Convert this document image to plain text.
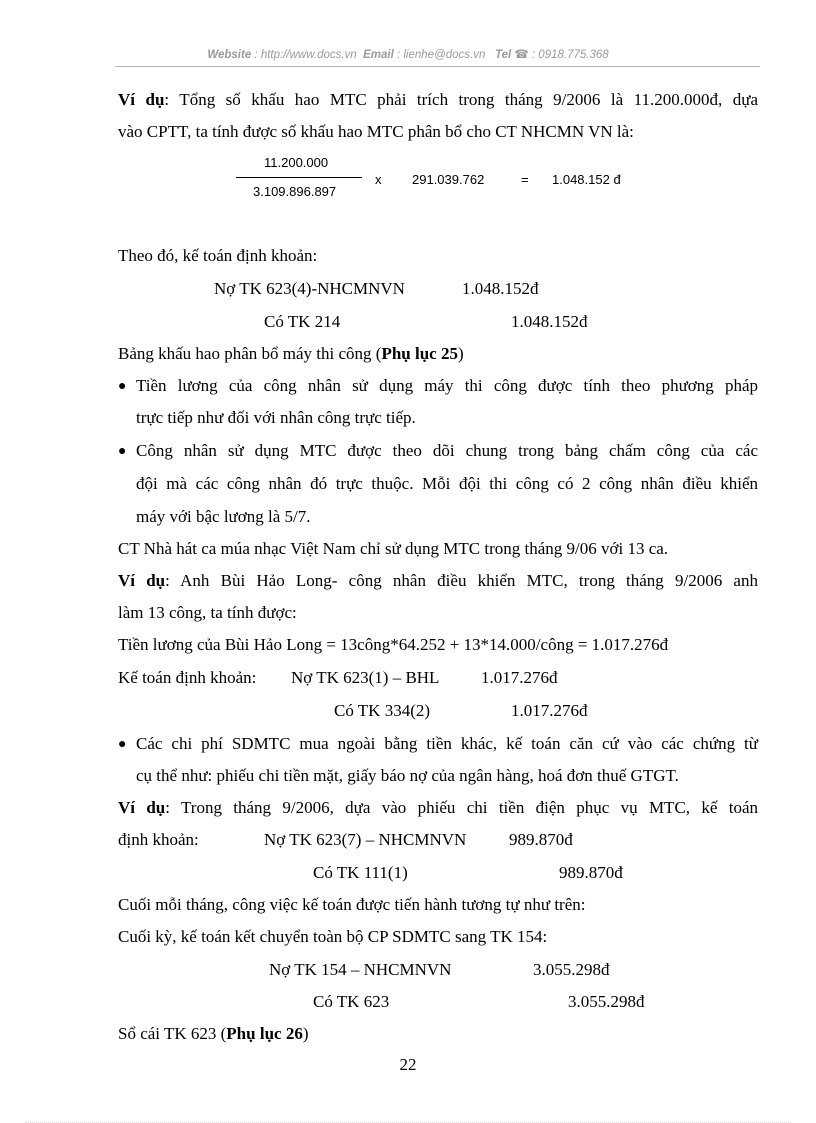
Website : http://www.docs.vn Email : lienhe@docs.vn Tel ☎ : 0918.775.368
Ví dụ: Tổng số khấu hao MTC phải trích trong tháng 9/2006 là 11.200.000đ, dựa
vào CPTT, ta tính được số khấu hao MTC phân bổ cho CT NHCMN VN là:
11.200.000
3.109.896.897
x 291.039.762	= 1.048.152 đ
Theo đó, kế toán định khoản:
Nợ TK 623(4)-NHCMNVN	1.048.152đ
Có TK 214	1.048.152đ
Bảng khấu hao phân bổ máy thi công (Phụ lục 25)
● Tiền lương của công nhân sử dụng máy thi công được tính theo phương pháp
trực tiếp như đối với nhân công trực tiếp.
● Công nhân sử dụng MTC được theo dõi chung trong bảng chấm công của các
đội mà các công nhân đó trực thuộc. Mỗi đội thi công có 2 công nhân điều khiển
máy với bậc lương là 5/7.
CT Nhà hát ca múa nhạc Việt Nam chỉ sử dụng MTC trong tháng 9/06 với 13 ca.
Ví dụ: Anh Bùi Hảo Long- công nhân điều khiển MTC, trong tháng 9/2006 anh
làm 13 công, ta tính được:
Tiền lương của Bùi Hảo Long = 13công*64.252 + 13*14.000/công = 1.017.276đ
Kế toán định khoản: Nợ TK 623(1) – BHL 1.017.276đ
Có TK 334(2)	1.017.276đ
● Các chi phí SDMTC mua ngoài bằng tiền khác, kế toán căn cứ vào các chứng từ
cụ thể như: phiếu chi tiền mặt, giấy báo nợ của ngân hàng, hoá đơn thuế GTGT.
Ví dụ: Trong tháng 9/2006, dựa vào phiếu chi tiền điện phục vụ MTC, kế toán
định khoản:	Nợ TK 623(7) – NHCMNVN	989.870đ
Có TK 111(1)	989.870đ
Cuối mỗi tháng, công việc kế toán được tiến hành tương tự như trên:
Cuối kỳ, kế toán kết chuyển toàn bộ CP SDMTC sang TK 154:
Nợ TK 154 – NHCMNVN	3.055.298đ
Có TK 623	3.055.298đ
Sổ cái TK 623 (Phụ lục 26)
22
